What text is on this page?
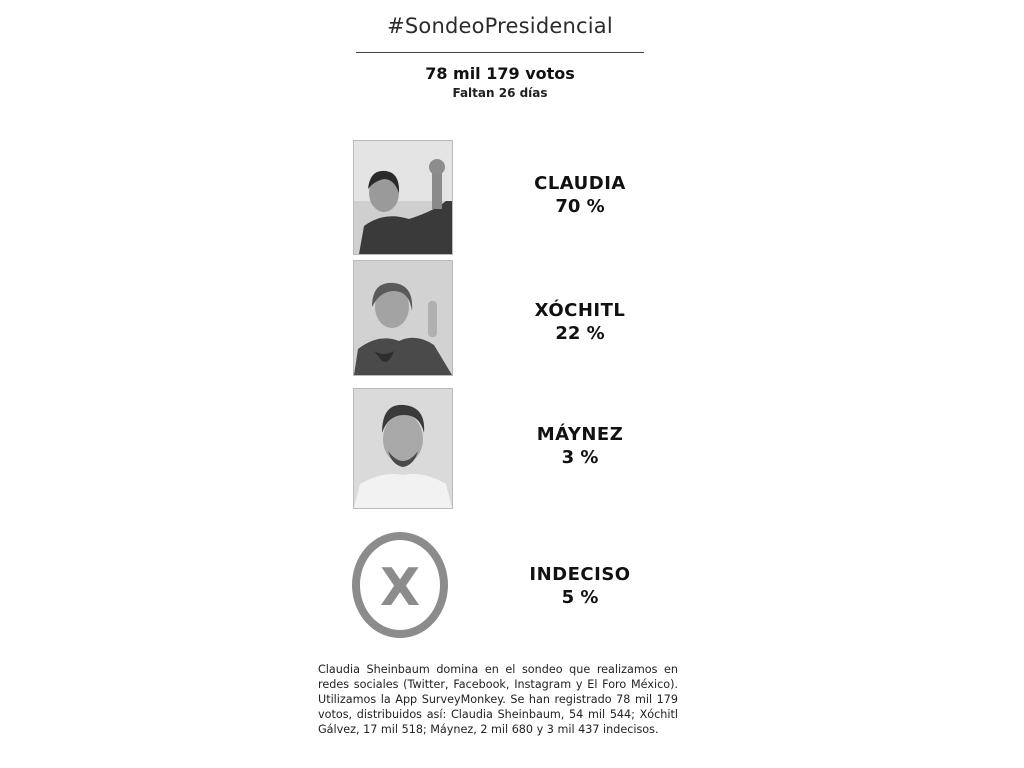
#SondeoPresidencial
78 mil 179 votos
Faltan 26 días
CLAUDIA
70 %
XÓCHITL
22 %
MÁYNEZ
3 %
X	INDECISO
5 %
Claudia Sheinbaum domina en el sondeo que realizamos en redes sociales (Twitter, Facebook, Instagram y El Foro México). Utilizamos la App SurveyMonkey. Se han registrado 78 mil 179 votos, distribuidos así: Claudia Sheinbaum, 54 mil 544; Xóchitl Gálvez, 17 mil 518; Máynez, 2 mil 680 y 3 mil 437 indecisos.
